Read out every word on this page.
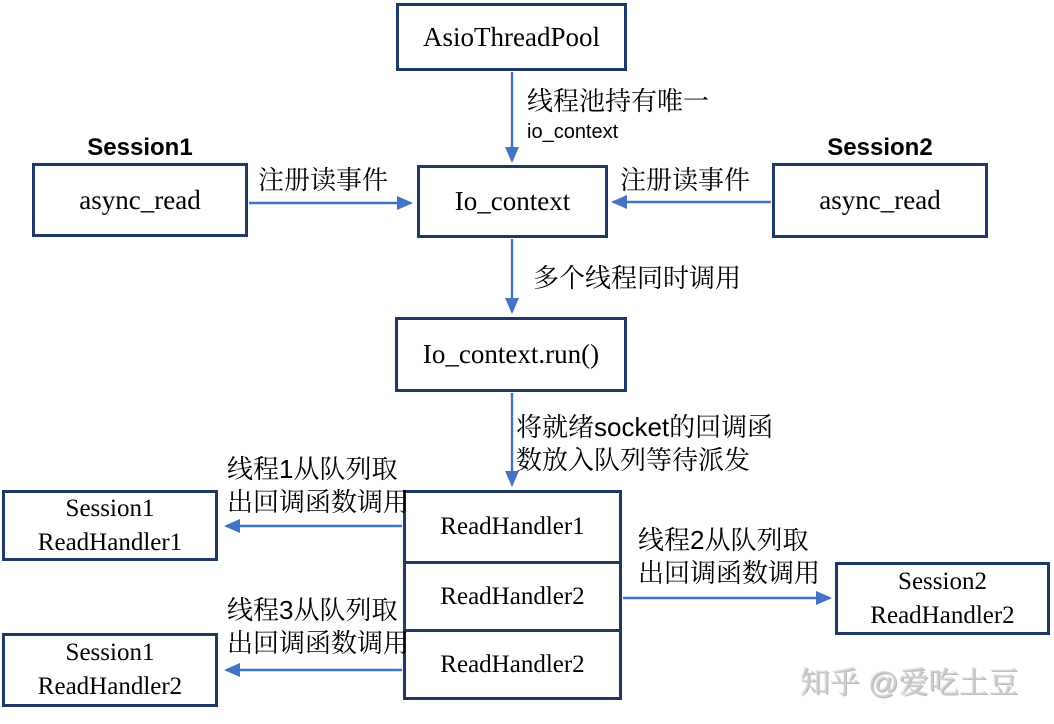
AsioThreadPool
线程池持有唯一
io_context
Session1
async_read
注册读事件	注册读事件
Io_context
Session2
async_read
多个线程同时调用
Io_context.run()
将就绪socket的回调函
数放入队列等待派发
ReadHandler1
ReadHandler2
ReadHandler2
线程1从队列取
出回调函数调用
线程3从队列取
出回调函数调用
线程2从队列取
出回调函数调用
Session1
ReadHandler1
Session1
ReadHandler2
Session2
ReadHandler2
知乎 @爱吃土豆
